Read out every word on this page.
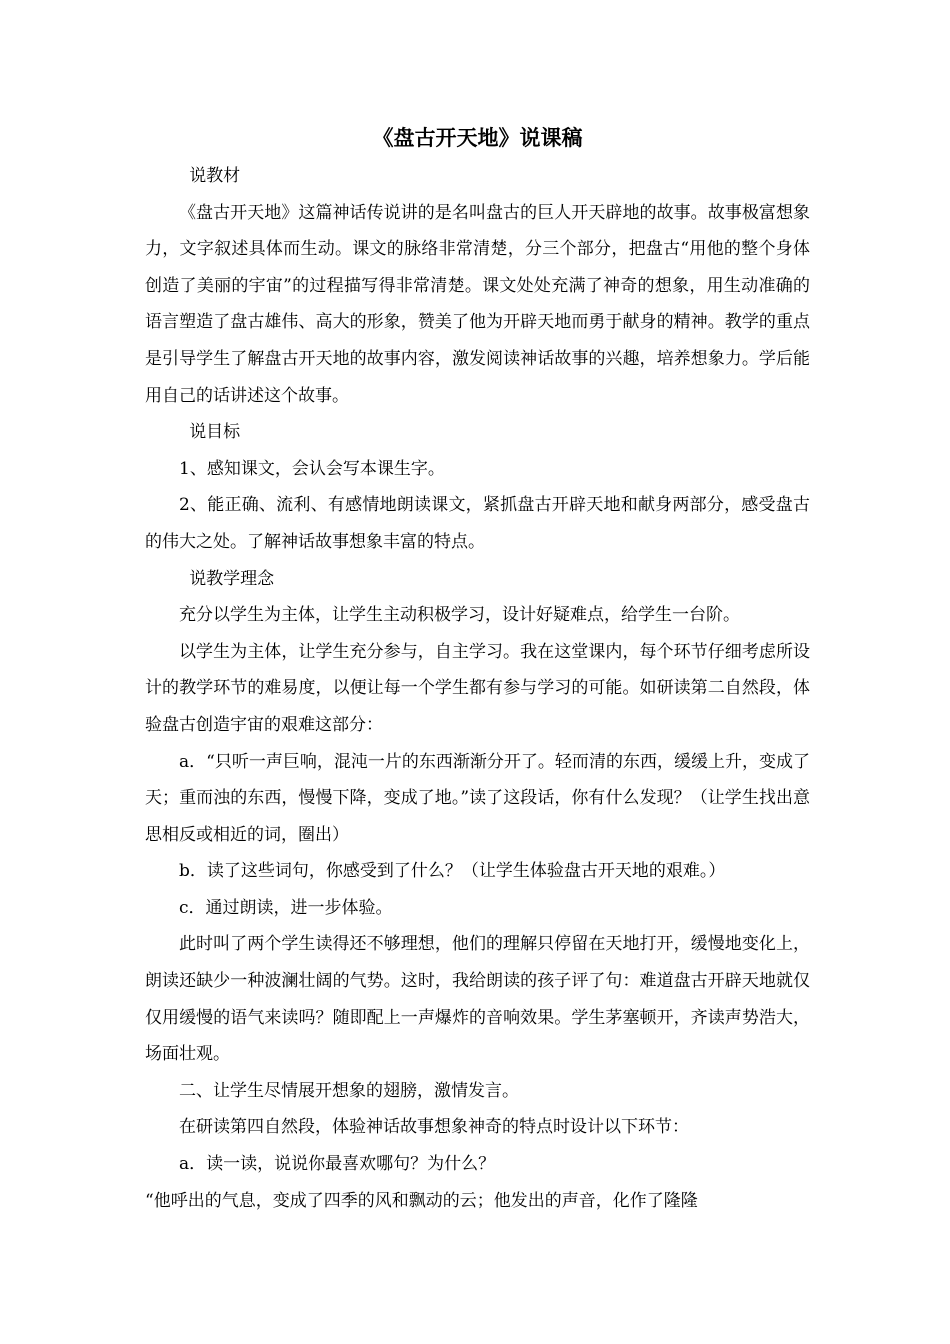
《盘古开天地》说课稿

说教材

《盘古开天地》这篇神话传说讲的是名叫盘古的巨人开天辟地的故事。故事极富想象力，文字叙述具体而生动。课文的脉络非常清楚，分三个部分，把盘古“用他的整个身体创造了美丽的宇宙”的过程描写得非常清楚。课文处处充满了神奇的想象，用生动准确的语言塑造了盘古雄伟、高大的形象，赞美了他为开辟天地而勇于献身的精神。教学的重点是引导学生了解盘古开天地的故事内容，激发阅读神话故事的兴趣，培养想象力。学后能用自己的话讲述这个故事。

说目标

1、感知课文，会认会写本课生字。

2、能正确、流利、有感情地朗读课文，紧抓盘古开辟天地和献身两部分，感受盘古的伟大之处。了解神话故事想象丰富的特点。

说教学理念

充分以学生为主体，让学生主动积极学习，设计好疑难点，给学生一台阶。

以学生为主体，让学生充分参与，自主学习。我在这堂课内，每个环节仔细考虑所设计的教学环节的难易度，以便让每一个学生都有参与学习的可能。如研读第二自然段，体验盘古创造宇宙的艰难这部分：

a．“只听一声巨响，混沌一片的东西渐渐分开了。轻而清的东西，缓缓上升，变成了天；重而浊的东西，慢慢下降，变成了地。”读了这段话，你有什么发现？（让学生找出意思相反或相近的词，圈出）

b．读了这些词句，你感受到了什么？（让学生体验盘古开天地的艰难。）

c．通过朗读，进一步体验。

此时叫了两个学生读得还不够理想，他们的理解只停留在天地打开，缓慢地变化上，朗读还缺少一种波澜壮阔的气势。这时，我给朗读的孩子评了句：难道盘古开辟天地就仅仅用缓慢的语气来读吗？随即配上一声爆炸的音响效果。学生茅塞顿开，齐读声势浩大，场面壮观。

二、让学生尽情展开想象的翅膀，激情发言。

在研读第四自然段，体验神话故事想象神奇的特点时设计以下环节：

a．读一读，说说你最喜欢哪句？为什么？

“他呼出的气息，变成了四季的风和飘动的云；他发出的声音，化作了隆隆
